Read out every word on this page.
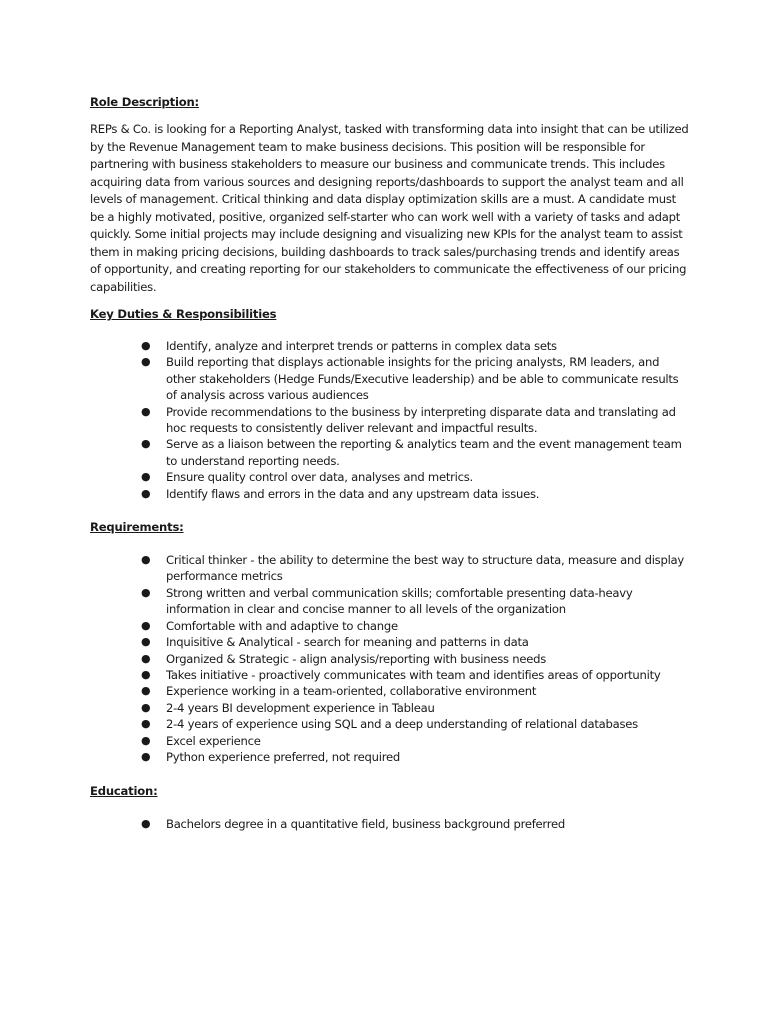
Role Description:

REPs & Co. is looking for a Reporting Analyst, tasked with transforming data into insight that can be utilized by the Revenue Management team to make business decisions. This position will be responsible for partnering with business stakeholders to measure our business and communicate trends. This includes acquiring data from various sources and designing reports/dashboards to support the analyst team and all levels of management. Critical thinking and data display optimization skills are a must. A candidate must be a highly motivated, positive, organized self-starter who can work well with a variety of tasks and adapt quickly. Some initial projects may include designing and visualizing new KPIs for the analyst team to assist them in making pricing decisions, building dashboards to track sales/purchasing trends and identify areas of opportunity, and creating reporting for our stakeholders to communicate the effectiveness of our pricing capabilities.

Key Duties & Responsibilities
● Identify, analyze and interpret trends or patterns in complex data sets
● Build reporting that displays actionable insights for the pricing analysts, RM leaders, and other stakeholders (Hedge Funds/Executive leadership) and be able to communicate results of analysis across various audiences
● Provide recommendations to the business by interpreting disparate data and translating ad hoc requests to consistently deliver relevant and impactful results.
● Serve as a liaison between the reporting & analytics team and the event management team to understand reporting needs.
● Ensure quality control over data, analyses and metrics.
● Identify flaws and errors in the data and any upstream data issues.
Requirements:
● Critical thinker - the ability to determine the best way to structure data, measure and display performance metrics
● Strong written and verbal communication skills; comfortable presenting data-heavy information in clear and concise manner to all levels of the organization
● Comfortable with and adaptive to change
● Inquisitive & Analytical - search for meaning and patterns in data
● Organized & Strategic - align analysis/reporting with business needs
● Takes initiative - proactively communicates with team and identifies areas of opportunity
● Experience working in a team-oriented, collaborative environment
● 2-4 years BI development experience in Tableau
● 2-4 years of experience using SQL and a deep understanding of relational databases
● Excel experience
● Python experience preferred, not required
Education:
● Bachelors degree in a quantitative field, business background preferred
